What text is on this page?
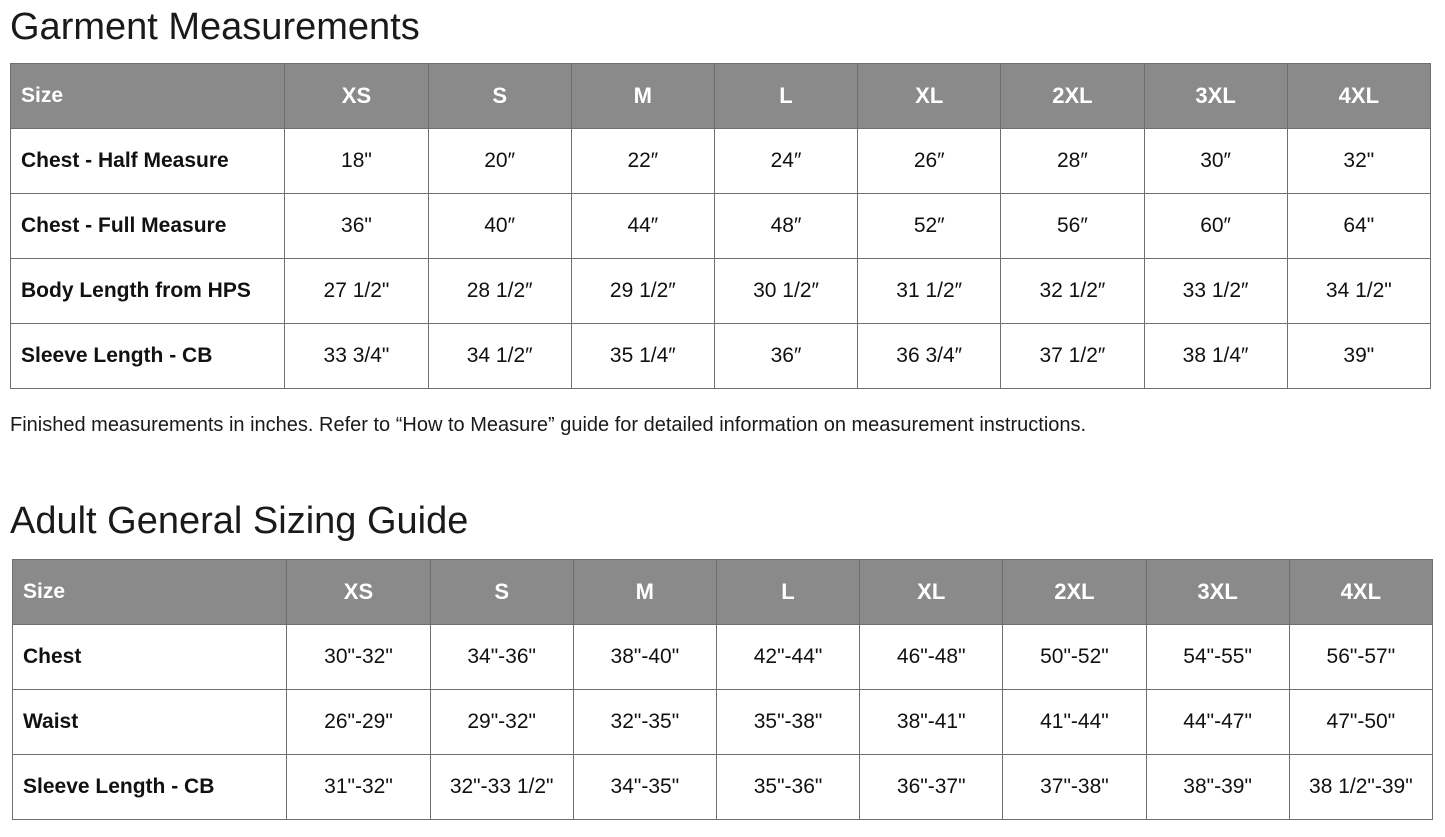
Garment Measurements
Size	XS	S	M	L	XL	2XL	3XL	4XL
Chest - Half Measure	18"	20″	22″	24″	26″	28″	30″	32"
Chest - Full Measure	36"	40″	44″	48″	52″	56″	60″	64"
Body Length from HPS	27 1/2"	28 1/2″	29 1/2″	30 1/2″	31 1/2″	32 1/2″	33 1/2″	34 1/2"
Sleeve Length - CB	33 3/4"	34 1/2″	35 1/4″	36″	36 3/4″	37 1/2″	38 1/4″	39"

Finished measurements in inches. Refer to “How to Measure” guide for detailed information on measurement instructions.

Adult General Sizing Guide
Size	XS	S	M	L	XL	2XL	3XL	4XL
Chest	30"-32"	34"-36"	38"-40"	42"-44"	46"-48"	50"-52"	54"-55"	56"-57"
Waist	26"-29"	29"-32"	32"-35"	35"-38"	38"-41"	41"-44"	44"-47"	47"-50"
Sleeve Length - CB	31"-32"	32"-33 1/2"	34"-35"	35"-36"	36"-37"	37"-38"	38"-39"	38 1/2"-39"
